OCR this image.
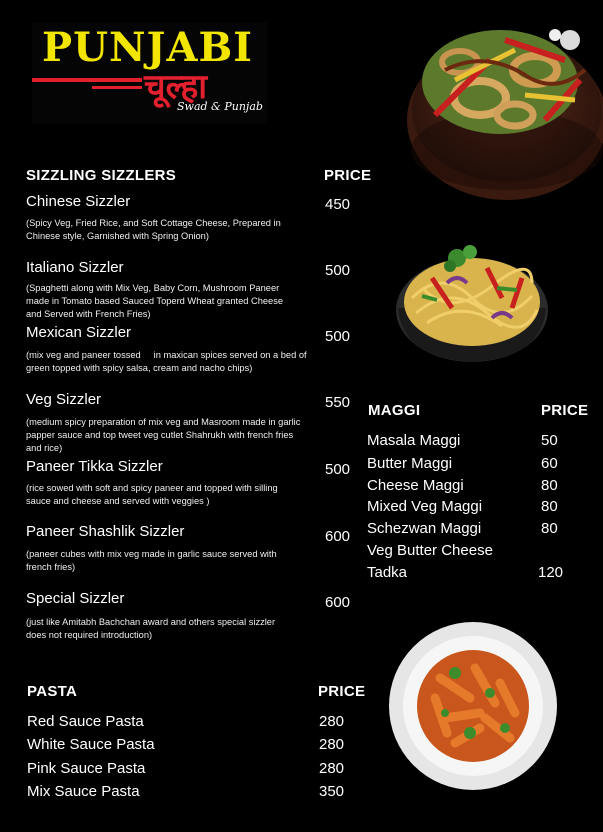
PUNJABI
चूल्हा
Swad & Punjab
SIZZLING SIZZLERS	PRICE
Chinese Sizzler	450
(Spicy Veg, Fried Rice, and Soft Cottage Cheese, Prepared in Chinese style, Garnished with Spring Onion)
Italiano Sizzler	500
(Spaghetti along with Mix Veg, Baby Corn, Mushroom Paneer made in Tomato based Sauced Toperd Wheat granted Cheese and Served with French Fries)
Mexican Sizzler	500
(mix veg and paneer tossed     in maxican spices served on a bed of green topped with spicy salsa, cream and nacho chips)
Veg Sizzler	550
(medium spicy preparation of mix veg and Masroom made in garlic papper sauce and top tweet veg cutlet Shahrukh with french fries and rice)
Paneer Tikka Sizzler	500
(rice sowed with soft and spicy paneer and topped with silling sauce and cheese and served with veggies )
Paneer Shashlik Sizzler	600
(paneer cubes with mix veg made in garlic sauce served with french fries)
Special Sizzler	600
(just like Amitabh Bachchan award and others special sizzler does not required introduction)
MAGGI	PRICE
Masala Maggi	50
Butter Maggi	60
Cheese Maggi	80
Mixed Veg Maggi	80
Schezwan Maggi	80
Veg Butter Cheese
Tadka	120
PASTA	PRICE
Red Sauce Pasta	280
White Sauce Pasta	280
Pink Sauce Pasta	280
Mix Sauce Pasta	350
